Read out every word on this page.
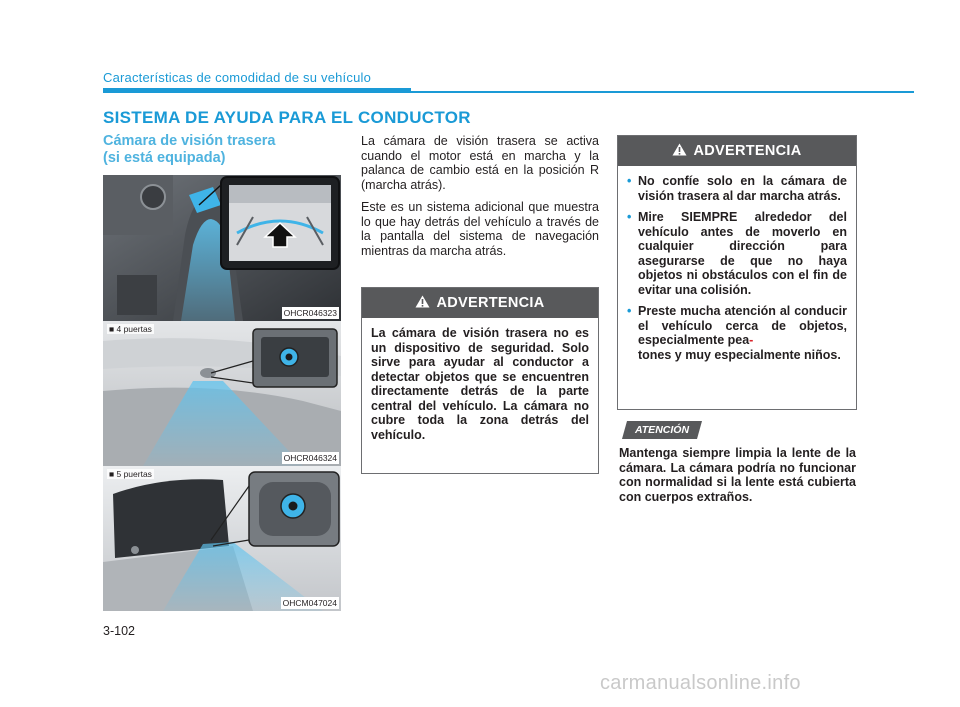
Características de comodidad de su vehículo
SISTEMA DE AYUDA PARA EL CONDUCTOR
Cámara de visión trasera
(si está equipada)
OHCR046323
■ 4 puertas
OHCR046324
■ 5 puertas
OHCM047024

La cámara de visión trasera se activa cuando el motor está en marcha y la palanca de cambio está en la posición R (marcha atrás).

Este es un sistema adicional que muestra lo que hay detrás del vehículo a través de la pantalla del sistema de navegación mientras da marcha atrás.

ADVERTENCIA
La cámara de visión trasera no es un dispositivo de seguridad. Solo sirve para ayudar al conductor a detectar objetos que se encuentren directamente detrás de la parte central del vehículo. La cámara no cubre toda la zona detrás del vehículo.
ADVERTENCIA
• No confíe solo en la cámara de visión trasera al dar marcha atrás.
• Mire SIEMPRE alrededor del vehículo antes de moverlo en cualquier dirección para asegurarse de que no haya objetos ni obstáculos con el fin de evitar una colisión.
• Preste mucha atención al conducir el vehículo cerca de objetos, especialmente pea-
tones y muy especialmente niños.
ATENCIÓN

Mantenga siempre limpia la lente de la cámara. La cámara podría no funcionar con normalidad si la lente está cubierta con cuerpos extraños.

3-102
carmanualsonline.info
